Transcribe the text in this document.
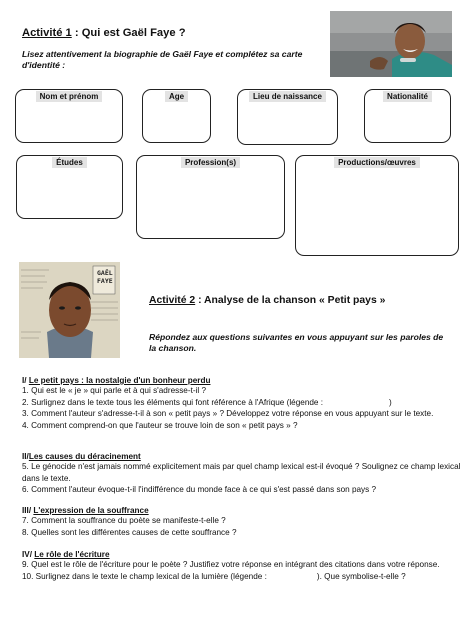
Activité 1 : Qui est Gaël Faye ?
Lisez attentivement la biographie de Gaël Faye et complétez sa carte d'identité :
Nom et prénom	Age	Lieu de naissance	Nationalité
Études	Profession(s)	Productions/œuvres
GAËL
FAYE
Activité 2 : Analyse de la chanson « Petit pays »
Répondez aux questions suivantes en vous appuyant sur les paroles de la chanson.
I/ Le petit pays : la nostalgie d'un bonheur perdu
1. Qui est le « je » qui parle et à qui s'adresse-t-il ?
2. Surlignez dans le texte tous les éléments qui font référence à l'Afrique (légende :                             )
3. Comment l'auteur s'adresse-t-il à son « petit pays » ? Développez votre réponse en vous appuyant sur le texte.
4. Comment comprend-on que l'auteur se trouve loin de son « petit pays » ?
II/Les causes du déracinement
5. Le génocide n'est jamais nommé explicitement mais par quel champ lexical est-il évoqué ? Soulignez ce champ lexical dans le texte.
6. Comment l'auteur évoque-t-il l'indifférence du monde face à ce qui s'est passé dans son pays ?
III/ L'expression de la souffrance
7. Comment la souffrance du poète se manifeste-t-elle ?
8. Quelles sont les différentes causes de cette souffrance ?
IV/ Le rôle de l'écriture
9. Quel est le rôle de l'écriture pour le poète ? Justifiez votre réponse en intégrant des citations dans votre réponse.
10. Surlignez dans le texte le champ lexical de la lumière (légende :                      ). Que symbolise-t-elle ?
